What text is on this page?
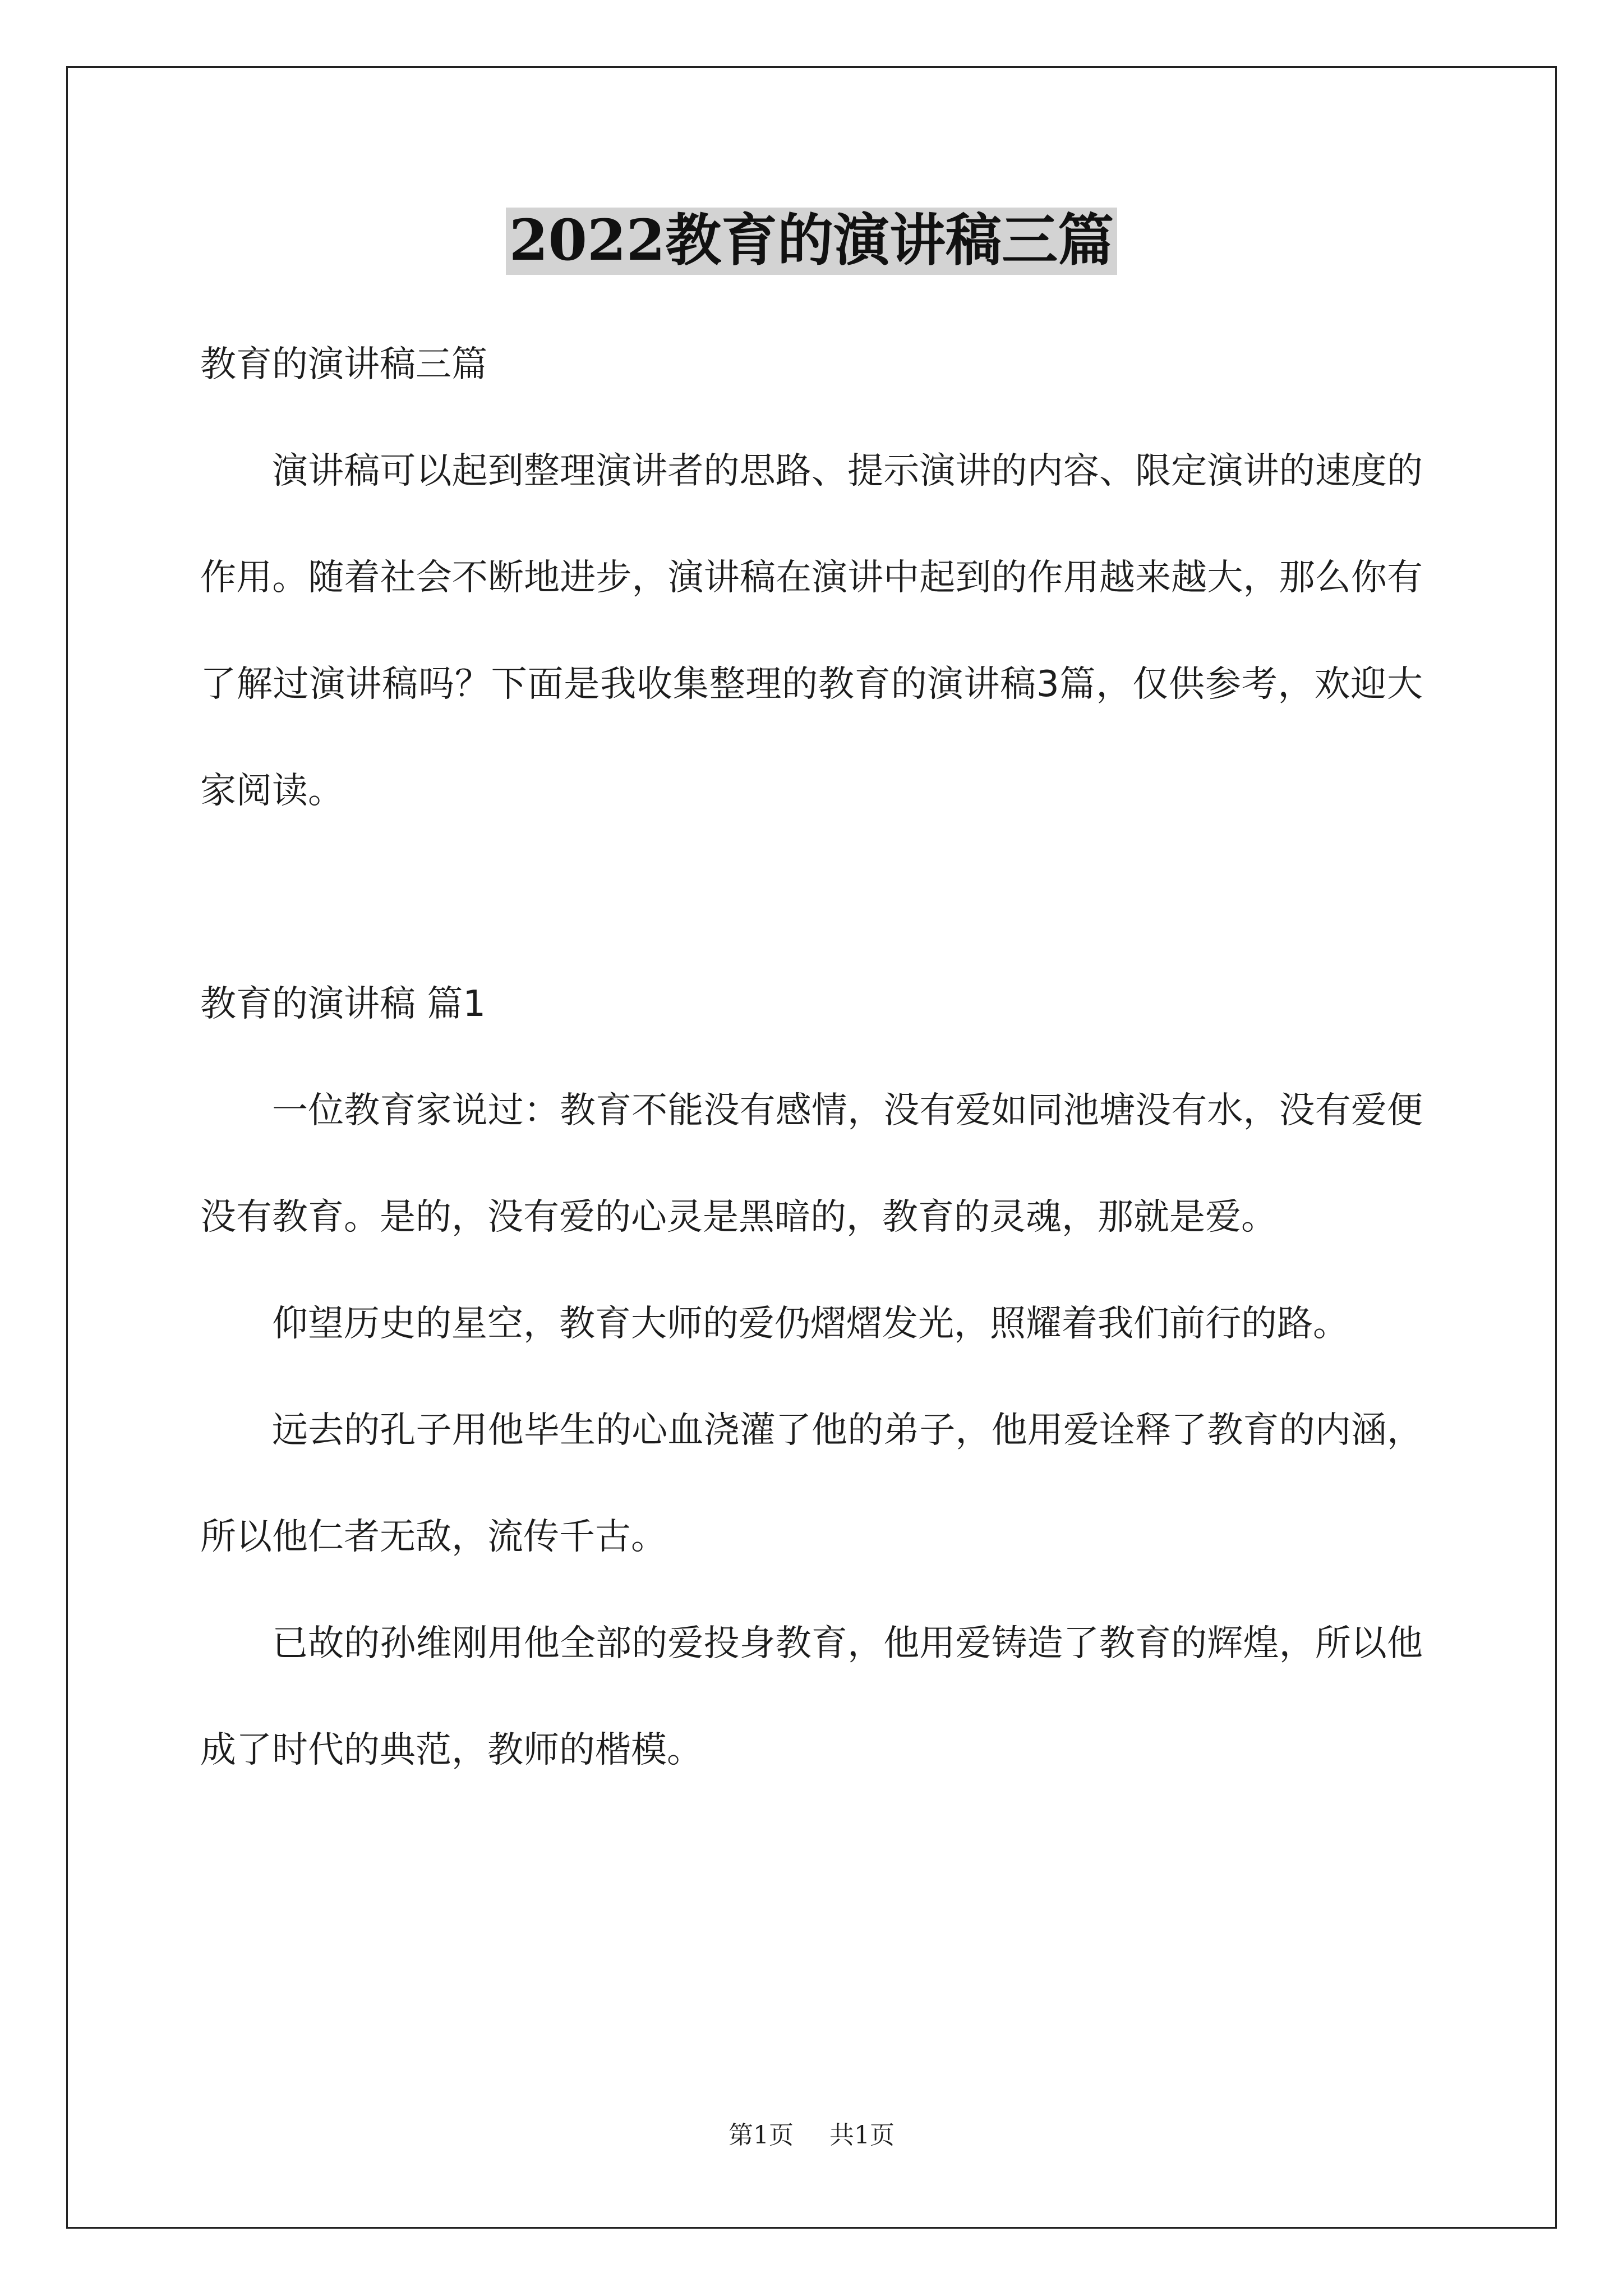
2022教育的演讲稿三篇

教育的演讲稿三篇

演讲稿可以起到整理演讲者的思路、提示演讲的内容、限定演讲的速度的作用。随着社会不断地进步，演讲稿在演讲中起到的作用越来越大，那么你有了解过演讲稿吗？下面是我收集整理的教育的演讲稿3篇，仅供参考，欢迎大家阅读。

教育的演讲稿 篇1

一位教育家说过：教育不能没有感情，没有爱如同池塘没有水，没有爱便没有教育。是的，没有爱的心灵是黑暗的，教育的灵魂，那就是爱。

仰望历史的星空，教育大师的爱仍熠熠发光，照耀着我们前行的路。

远去的孔子用他毕生的心血浇灌了他的弟子，他用爱诠释了教育的内涵，所以他仁者无敌，流传千古。

已故的孙维刚用他全部的爱投身教育，他用爱铸造了教育的辉煌，所以他成了时代的典范，教师的楷模。

第1页 共1页
